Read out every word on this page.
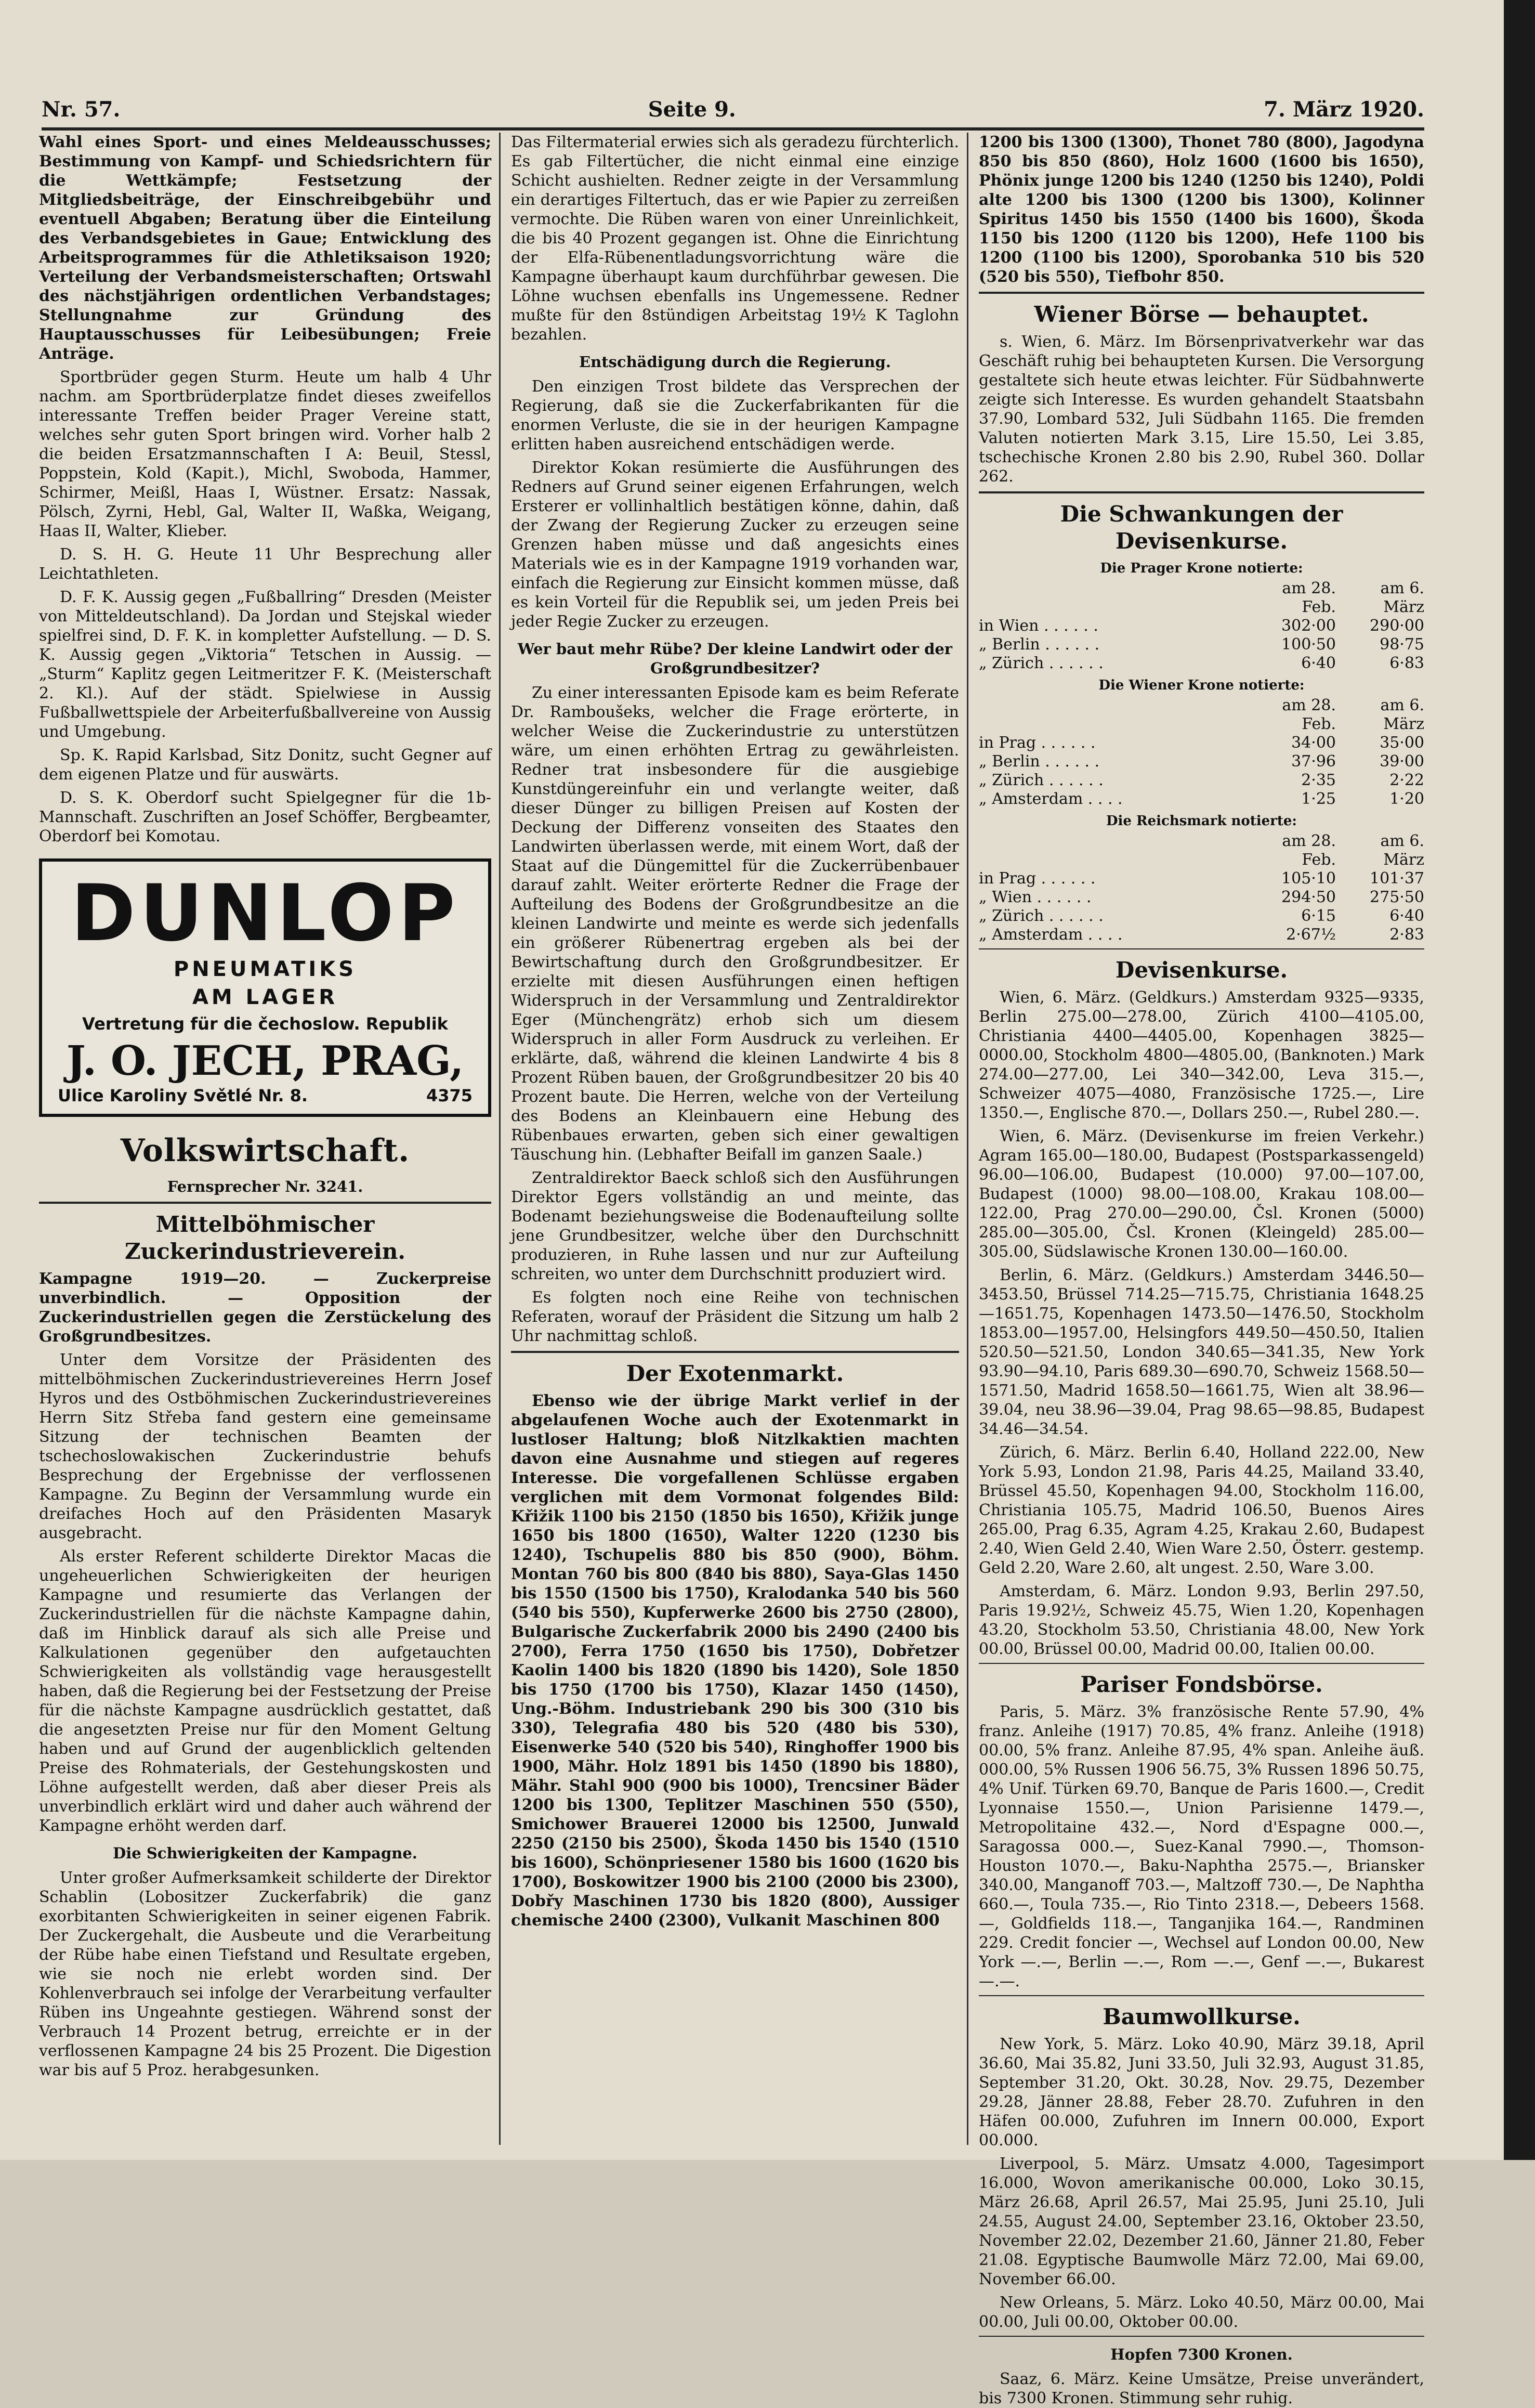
Nr. 57.	Seite 9.	7. März 1920.

Wahl eines Sport- und eines Meldeausschusses; Bestimmung von Kampf- und Schiedsrichtern für die Wettkämpfe; Festsetzung der Mitgliedsbeiträge, der Einschreibgebühr und eventuell Abgaben; Beratung über die Einteilung des Verbandsgebietes in Gaue; Entwicklung des Arbeitsprogrammes für die Athletiksaison 1920; Verteilung der Verbandsmeisterschaften; Ortswahl des nächstjährigen ordentlichen Verbandstages; Stellungnahme zur Gründung des Hauptausschusses für Leibesübungen; Freie Anträge.

Sportbrüder gegen Sturm. Heute um halb 4 Uhr nachm. am Sportbrüderplatze findet dieses zweifellos interessante Treffen beider Prager Vereine statt, welches sehr guten Sport bringen wird. Vorher halb 2 die beiden Ersatzmannschaften I A: Beuil, Stessl, Poppstein, Kold (Kapit.), Michl, Swoboda, Hammer, Schirmer, Meißl, Haas I, Wüstner. Ersatz: Nassak, Pölsch, Zyrni, Hebl, Gal, Walter II, Waßka, Weigang, Haas II, Walter, Klieber.

D. S. H. G. Heute 11 Uhr Besprechung aller Leichtathleten.

D. F. K. Aussig gegen „Fußballring“ Dresden (Meister von Mitteldeutschland). Da Jordan und Stejskal wieder spielfrei sind, D. F. K. in kompletter Aufstellung. — D. S. K. Aussig gegen „Viktoria“ Tetschen in Aussig. — „Sturm“ Kaplitz gegen Leitmeritzer F. K. (Meisterschaft 2. Kl.). Auf der städt. Spielwiese in Aussig Fußballwettspiele der Arbeiterfußballvereine von Aussig und Umgebung.

Sp. K. Rapid Karlsbad, Sitz Donitz, sucht Gegner auf dem eigenen Platze und für auswärts.

D. S. K. Oberdorf sucht Spielgegner für die 1b-Mannschaft. Zuschriften an Josef Schöffer, Bergbeamter, Oberdorf bei Komotau.

DUNLOP
PNEUMATIKS
AM LAGER
Vertretung für die čechoslow. Republik
J. O. JECH, PRAG,
Ulice Karoliny Světlé Nr. 8.	4375
Volkswirtschaft.
Fernsprecher Nr. 3241.
Mittelböhmischer Zuckerindustrieverein.

Kampagne 1919—20. — Zuckerpreise unverbindlich. — Opposition der Zuckerindustriellen gegen die Zerstückelung des Großgrundbesitzes.

Unter dem Vorsitze der Präsidenten des mittelböhmischen Zuckerindustrievereines Herrn Josef Hyros und des Ostböhmischen Zuckerindustrievereines Herrn Sitz Střeba fand gestern eine gemeinsame Sitzung der technischen Beamten der tschechoslowakischen Zuckerindustrie behufs Besprechung der Ergebnisse der verflossenen Kampagne. Zu Beginn der Versammlung wurde ein dreifaches Hoch auf den Präsidenten Masaryk ausgebracht.

Als erster Referent schilderte Direktor Macas die ungeheuerlichen Schwierigkeiten der heurigen Kampagne und resumierte das Verlangen der Zuckerindustriellen für die nächste Kampagne dahin, daß im Hinblick darauf als sich alle Preise und Kalkulationen gegenüber den aufgetauchten Schwierigkeiten als vollständig vage herausgestellt haben, daß die Regierung bei der Festsetzung der Preise für die nächste Kampagne ausdrücklich gestattet, daß die angesetzten Preise nur für den Moment Geltung haben und auf Grund der augenblicklich geltenden Preise des Rohmaterials, der Gestehungskosten und Löhne aufgestellt werden, daß aber dieser Preis als unverbindlich erklärt wird und daher auch während der Kampagne erhöht werden darf.

Die Schwierigkeiten der Kampagne.

Unter großer Aufmerksamkeit schilderte der Direktor Schablin (Lobositzer Zuckerfabrik) die ganz exorbitanten Schwierigkeiten in seiner eigenen Fabrik. Der Zuckergehalt, die Ausbeute und die Verarbeitung der Rübe habe einen Tiefstand und Resultate ergeben, wie sie noch nie erlebt worden sind. Der Kohlenverbrauch sei infolge der Verarbeitung verfaulter Rüben ins Ungeahnte gestiegen. Während sonst der Verbrauch 14 Prozent betrug, erreichte er in der verflossenen Kampagne 24 bis 25 Prozent. Die Digestion war bis auf 5 Proz. herabgesunken.

Das Filtermaterial erwies sich als geradezu fürchterlich. Es gab Filtertücher, die nicht einmal eine einzige Schicht aushielten. Redner zeigte in der Versammlung ein derartiges Filtertuch, das er wie Papier zu zerreißen vermochte. Die Rüben waren von einer Unreinlichkeit, die bis 40 Prozent gegangen ist. Ohne die Einrichtung der Elfa-Rübenentladungsvorrichtung wäre die Kampagne überhaupt kaum durchführbar gewesen. Die Löhne wuchsen ebenfalls ins Ungemessene. Redner mußte für den 8stündigen Arbeitstag 19½ K Taglohn bezahlen.

Entschädigung durch die Regierung.

Den einzigen Trost bildete das Versprechen der Regierung, daß sie die Zuckerfabrikanten für die enormen Verluste, die sie in der heurigen Kampagne erlitten haben ausreichend entschädigen werde.

Direktor Kokan resümierte die Ausführungen des Redners auf Grund seiner eigenen Erfahrungen, welch Ersterer er vollinhaltlich bestätigen könne, dahin, daß der Zwang der Regierung Zucker zu erzeugen seine Grenzen haben müsse und daß angesichts eines Materials wie es in der Kampagne 1919 vorhanden war, einfach die Regierung zur Einsicht kommen müsse, daß es kein Vorteil für die Republik sei, um jeden Preis bei jeder Regie Zucker zu erzeugen.

Wer baut mehr Rübe? Der kleine Landwirt oder der Großgrundbesitzer?

Zu einer interessanten Episode kam es beim Referate Dr. Ramboušeks, welcher die Frage erörterte, in welcher Weise die Zuckerindustrie zu unterstützen wäre, um einen erhöhten Ertrag zu gewährleisten. Redner trat insbesondere für die ausgiebige Kunstdüngereinfuhr ein und verlangte weiter, daß dieser Dünger zu billigen Preisen auf Kosten der Deckung der Differenz vonseiten des Staates den Landwirten überlassen werde, mit einem Wort, daß der Staat auf die Düngemittel für die Zuckerrübenbauer darauf zahlt. Weiter erörterte Redner die Frage der Aufteilung des Bodens der Großgrundbesitze an die kleinen Landwirte und meinte es werde sich jedenfalls ein größerer Rübenertrag ergeben als bei der Bewirtschaftung durch den Großgrundbesitzer. Er erzielte mit diesen Ausführungen einen heftigen Widerspruch in der Versammlung und Zentraldirektor Eger (Münchengrätz) erhob sich um diesem Widerspruch in aller Form Ausdruck zu verleihen. Er erklärte, daß, während die kleinen Landwirte 4 bis 8 Prozent Rüben bauen, der Großgrundbesitzer 20 bis 40 Prozent baute. Die Herren, welche von der Verteilung des Bodens an Kleinbauern eine Hebung des Rübenbaues erwarten, geben sich einer gewaltigen Täuschung hin. (Lebhafter Beifall im ganzen Saale.)

Zentraldirektor Baeck schloß sich den Ausführungen Direktor Egers vollständig an und meinte, das Bodenamt beziehungsweise die Bodenaufteilung sollte jene Grundbesitzer, welche über den Durchschnitt produzieren, in Ruhe lassen und nur zur Aufteilung schreiten, wo unter dem Durchschnitt produziert wird.

Es folgten noch eine Reihe von technischen Referaten, worauf der Präsident die Sitzung um halb 2 Uhr nachmittag schloß.

Der Exotenmarkt.

Ebenso wie der übrige Markt verlief in der abgelaufenen Woche auch der Exotenmarkt in lustloser Haltung; bloß Nitzlkaktien machten davon eine Ausnahme und stiegen auf regeres Interesse. Die vorgefallenen Schlüsse ergaben verglichen mit dem Vormonat folgendes Bild: Křižik 1100 bis 2150 (1850 bis 1650), Křižik junge 1650 bis 1800 (1650), Walter 1220 (1230 bis 1240), Tschupelis 880 bis 850 (900), Böhm. Montan 760 bis 800 (840 bis 880), Saya-Glas 1450 bis 1550 (1500 bis 1750), Kralodanka 540 bis 560 (540 bis 550), Kupferwerke 2600 bis 2750 (2800), Bulgarische Zuckerfabrik 2000 bis 2490 (2400 bis 2700), Ferra 1750 (1650 bis 1750), Dobřetzer Kaolin 1400 bis 1820 (1890 bis 1420), Sole 1850 bis 1750 (1700 bis 1750), Klazar 1450 (1450), Ung.-Böhm. Industriebank 290 bis 300 (310 bis 330), Telegrafia 480 bis 520 (480 bis 530), Eisenwerke 540 (520 bis 540), Ringhoffer 1900 bis 1900, Mähr. Holz 1891 bis 1450 (1890 bis 1880), Mähr. Stahl 900 (900 bis 1000), Trencsiner Bäder 1200 bis 1300, Teplitzer Maschinen 550 (550), Smichower Brauerei 12000 bis 12500, Junwald 2250 (2150 bis 2500), Škoda 1450 bis 1540 (1510 bis 1600), Schönpriesener 1580 bis 1600 (1620 bis 1700), Boskowitzer 1900 bis 2100 (2000 bis 2300), Dobřy Maschinen 1730 bis 1820 (800), Aussiger chemische 2400 (2300), Vulkanit Maschinen 800

1200 bis 1300 (1300), Thonet 780 (800), Jagodyna 850 bis 850 (860), Holz 1600 (1600 bis 1650), Phönix junge 1200 bis 1240 (1250 bis 1240), Poldi alte 1200 bis 1300 (1200 bis 1300), Kolinner Spiritus 1450 bis 1550 (1400 bis 1600), Škoda 1150 bis 1200 (1120 bis 1200), Hefe 1100 bis 1200 (1100 bis 1200), Sporobanka 510 bis 520 (520 bis 550), Tiefbohr 850.

Wiener Börse — behauptet.

s. Wien, 6. März. Im Börsenprivatverkehr war das Geschäft ruhig bei behaupteten Kursen. Die Versorgung gestaltete sich heute etwas leichter. Für Südbahnwerte zeigte sich Interesse. Es wurden gehandelt Staatsbahn 37.90, Lombard 532, Juli Südbahn 1165. Die fremden Valuten notierten Mark 3.15, Lire 15.50, Lei 3.85, tschechische Kronen 2.80 bis 2.90, Rubel 360. Dollar 262.

Die Schwankungen der Devisenkurse.
Die Prager Krone notierte:
	am 28. Feb.	am 6. März
in Wien . . . . . .	302·00	290·00
„ Berlin . . . . . .	100·50	98·75
„ Zürich . . . . . .	6·40	6·83
Die Wiener Krone notierte:
	am 28. Feb.	am 6. März
in Prag . . . . . .	34·00	35·00
„ Berlin . . . . . .	37·96	39·00
„ Zürich . . . . . .	2·35	2·22
„ Amsterdam . . . .	1·25	1·20
Die Reichsmark notierte:
	am 28. Feb.	am 6. März
in Prag . . . . . .	105·10	101·37
„ Wien . . . . . .	294·50	275·50
„ Zürich . . . . . .	6·15	6·40
„ Amsterdam . . . .	2·67½	2·83
Devisenkurse.

Wien, 6. März. (Geldkurs.) Amsterdam 9325—9335, Berlin 275.00—278.00, Zürich 4100—4105.00, Christiania 4400—4405.00, Kopenhagen 3825—0000.00, Stockholm 4800—4805.00, (Banknoten.) Mark 274.00—277.00, Lei 340—342.00, Leva 315.—, Schweizer 4075—4080, Französische 1725.—, Lire 1350.—, Englische 870.—, Dollars 250.—, Rubel 280.—.

Wien, 6. März. (Devisenkurse im freien Verkehr.) Agram 165.00—180.00, Budapest (Postsparkassengeld) 96.00—106.00, Budapest (10.000) 97.00—107.00, Budapest (1000) 98.00—108.00, Krakau 108.00—122.00, Prag 270.00—290.00, Čsl. Kronen (5000) 285.00—305.00, Čsl. Kronen (Kleingeld) 285.00—305.00, Südslawische Kronen 130.00—160.00.

Berlin, 6. März. (Geldkurs.) Amsterdam 3446.50—3453.50, Brüssel 714.25—715.75, Christiania 1648.25—1651.75, Kopenhagen 1473.50—1476.50, Stockholm 1853.00—1957.00, Helsingfors 449.50—450.50, Italien 520.50—521.50, London 340.65—341.35, New York 93.90—94.10, Paris 689.30—690.70, Schweiz 1568.50—1571.50, Madrid 1658.50—1661.75, Wien alt 38.96—39.04, neu 38.96—39.04, Prag 98.65—98.85, Budapest 34.46—34.54.

Zürich, 6. März. Berlin 6.40, Holland 222.00, New York 5.93, London 21.98, Paris 44.25, Mailand 33.40, Brüssel 45.50, Kopenhagen 94.00, Stockholm 116.00, Christiania 105.75, Madrid 106.50, Buenos Aires 265.00, Prag 6.35, Agram 4.25, Krakau 2.60, Budapest 2.40, Wien Geld 2.40, Wien Ware 2.50, Österr. gestemp. Geld 2.20, Ware 2.60, alt ungest. 2.50, Ware 3.00.

Amsterdam, 6. März. London 9.93, Berlin 297.50, Paris 19.92½, Schweiz 45.75, Wien 1.20, Kopenhagen 43.20, Stockholm 53.50, Christiania 48.00, New York 00.00, Brüssel 00.00, Madrid 00.00, Italien 00.00.

Pariser Fondsbörse.

Paris, 5. März. 3% französische Rente 57.90, 4% franz. Anleihe (1917) 70.85, 4% franz. Anleihe (1918) 00.00, 5% franz. Anleihe 87.95, 4% span. Anleihe äuß. 000.00, 5% Russen 1906 56.75, 3% Russen 1896 50.75, 4% Unif. Türken 69.70, Banque de Paris 1600.—, Credit Lyonnaise 1550.—, Union Parisienne 1479.—, Metropolitaine 432.—, Nord d'Espagne 000.—, Saragossa 000.—, Suez-Kanal 7990.—, Thomson-Houston 1070.—, Baku-Naphtha 2575.—, Briansker 340.00, Manganoff 703.—, Maltzoff 730.—, De Naphtha 660.—, Toula 735.—, Rio Tinto 2318.—, Debeers 1568.—, Goldfields 118.—, Tanganjika 164.—, Randminen 229. Credit foncier —, Wechsel auf London 00.00, New York —.—, Berlin —.—, Rom —.—, Genf —.—, Bukarest —.—.

Baumwollkurse.

New York, 5. März. Loko 40.90, März 39.18, April 36.60, Mai 35.82, Juni 33.50, Juli 32.93, August 31.85, September 31.20, Okt. 30.28, Nov. 29.75, Dezember 29.28, Jänner 28.88, Feber 28.70. Zufuhren in den Häfen 00.000, Zufuhren im Innern 00.000, Export 00.000.

Liverpool, 5. März. Umsatz 4.000, Tagesimport 16.000, Wovon amerikanische 00.000, Loko 30.15, März 26.68, April 26.57, Mai 25.95, Juni 25.10, Juli 24.55, August 24.00, September 23.16, Oktober 23.50, November 22.02, Dezember 21.60, Jänner 21.80, Feber 21.08. Egyptische Baumwolle März 72.00, Mai 69.00, November 66.00.

New Orleans, 5. März. Loko 40.50, März 00.00, Mai 00.00, Juli 00.00, Oktober 00.00.

Hopfen 7300 Kronen.

Saaz, 6. März. Keine Umsätze, Preise unverändert, bis 7300 Kronen. Stimmung sehr ruhig.
